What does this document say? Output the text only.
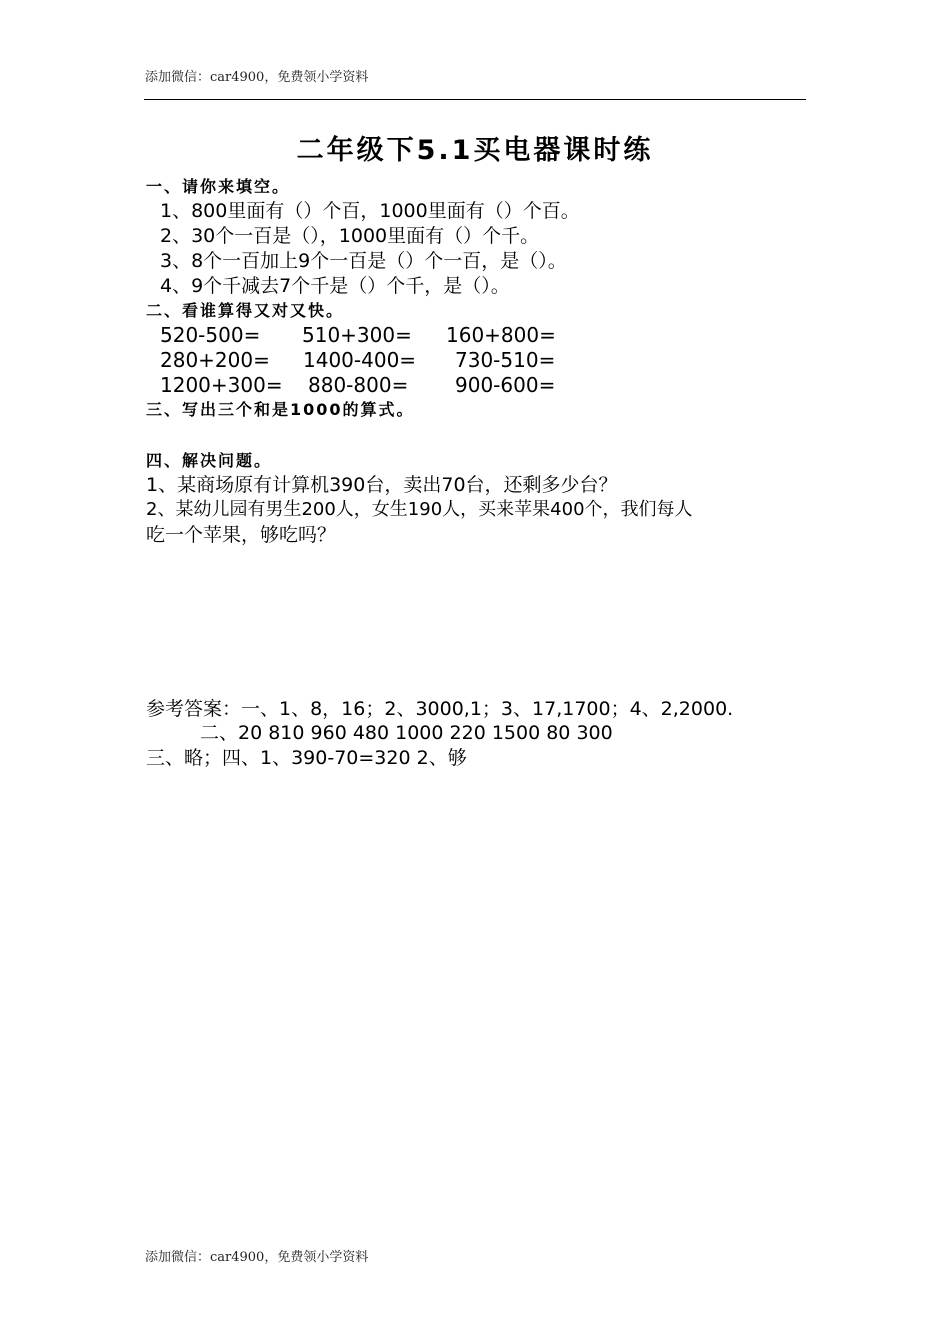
添加微信：car4900，免费领小学资料
二年级下5.1买电器课时练
一、请你来填空。
1、800里面有（）个百，1000里面有（）个百。
2、30个一百是（），1000里面有（）个千。
3、8个一百加上9个一百是（）个一百，是（）。
4、9个千减去7个千是（）个千，是（）。
二、看谁算得又对又快。
520-500= 510+300= 160+800=
280+200= 1400-400= 730-510=
1200+300= 880-800= 900-600=
三、写出三个和是1000的算式。
四、解决问题。
1、某商场原有计算机390台，卖出70台，还剩多少台？
2、某幼儿园有男生200人，女生190人，买来苹果400个，我们每人
吃一个苹果，够吃吗？
参考答案：一、1、8，16；2、3000,1；3、17,1700；4、2,2000.
二、20 810 960 480 1000 220 1500 80 300
三、略；四、1、390-70=320 2、够
添加微信：car4900，免费领小学资料
